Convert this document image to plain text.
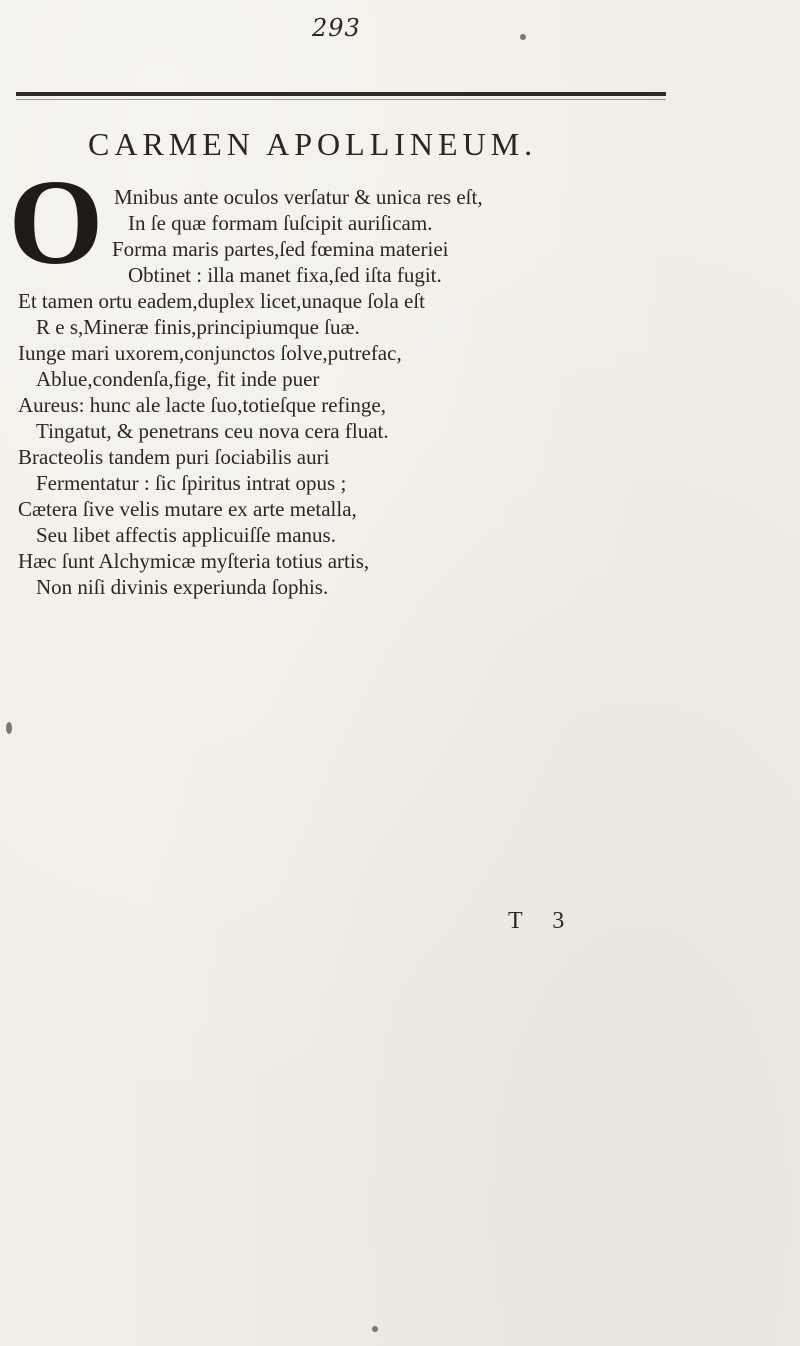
293
CARMEN APOLLINEUM.
O Mnibus ante oculos verſatur & unica res eſt,
In ſe quæ formam ſuſcipit auriſicam.
Forma maris partes,ſed fœmina materiei
Obtinet : illa manet fixa,ſed iſta fugit.
Et tamen ortu eadem,duplex licet,unaque ſola eſt
R e s,Mineræ finis,principiumque ſuæ.
Iunge mari uxorem,conjunctos ſolve,putrefac,
Ablue,condenſa,fige, fit inde puer
Aureus: hunc ale lacte ſuo,totieſque refinge,
Tingatut, & penetrans ceu nova cera fluat.
Bracteolis tandem puri ſociabilis auri
Fermentatur : ſic ſpiritus intrat opus ;
Cætera ſive velis mutare ex arte metalla,
Seu libet affectis applicuiſſe manus.
Hæc ſunt Alchymicæ myſteria totius artis,
Non niſi divinis experiunda ſophis.
T 3
